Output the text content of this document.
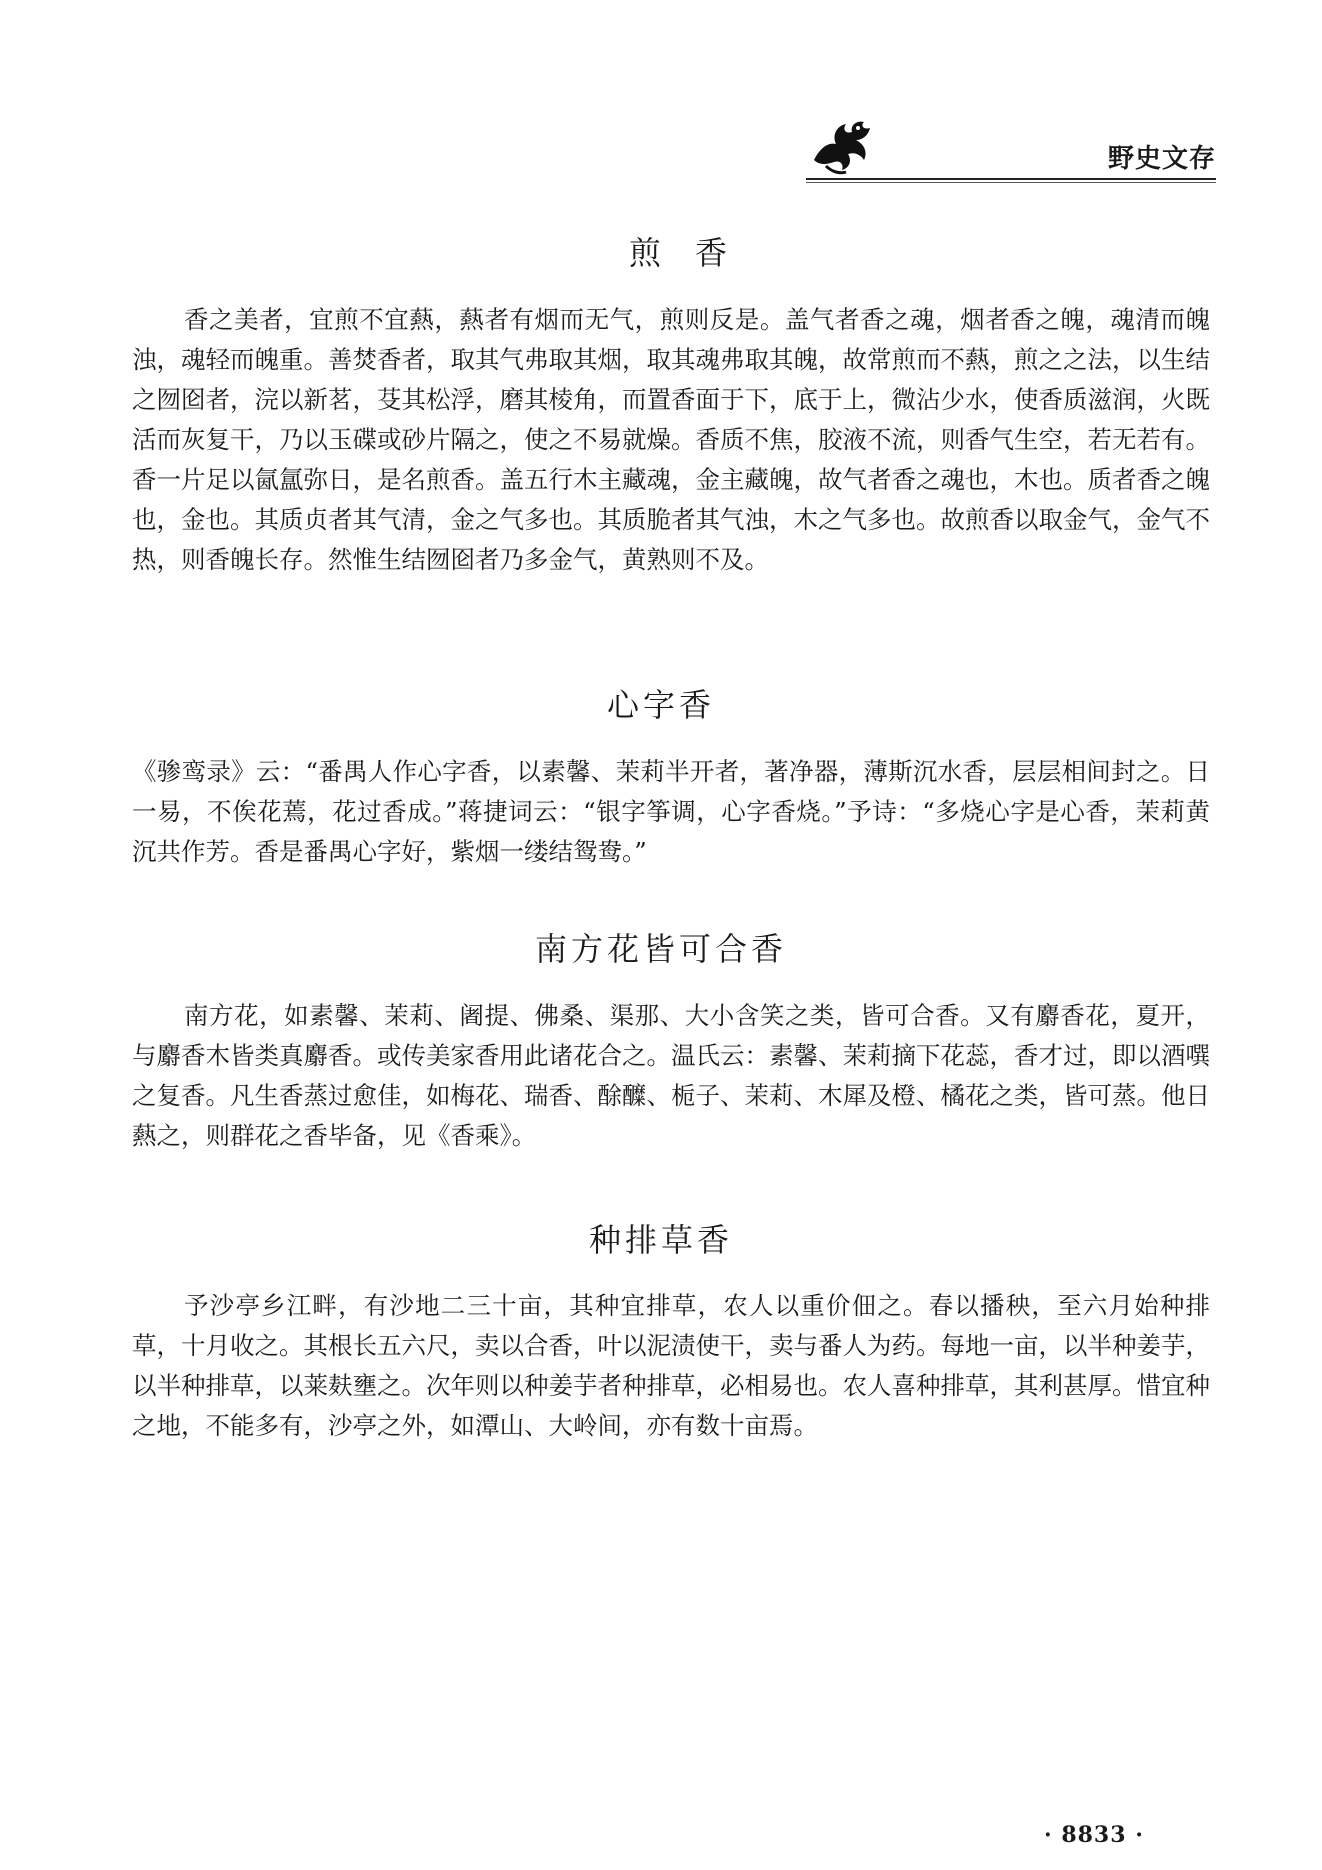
野史文存
煎香

香之美者，宜煎不宜爇，爇者有烟而无气，煎则反是。盖气者香之魂，烟者香之魄，魂清而魄浊，魂轻而魄重。善焚香者，取其气弗取其烟，取其魂弗取其魄，故常煎而不爇，煎之之法，以生结之囫囵者，浣以新茗，芟其松浮，磨其棱角，而置香面于下，底于上，微沾少水，使香质滋润，火既活而灰复干，乃以玉碟或砂片隔之，使之不易就燥。香质不焦，胶液不流，则香气生空，若无若有。香一片足以氤氲弥日，是名煎香。盖五行木主藏魂，金主藏魄，故气者香之魂也，木也。质者香之魄也，金也。其质贞者其气清，金之气多也。其质脆者其气浊，木之气多也。故煎香以取金气，金气不热，则香魄长存。然惟生结囫囵者乃多金气，黄熟则不及。

心字香

《骖鸾录》云：“番禺人作心字香，以素馨、茉莉半开者，著净器，薄斯沉水香，层层相间封之。日一易，不俟花蔫，花过香成。”蒋捷词云：“银字筝调，心字香烧。”予诗：“多烧心字是心香，茉莉黄沉共作芳。香是番禺心字好，紫烟一缕结鸳鸯。”

南方花皆可合香

南方花，如素馨、茉莉、阇提、佛桑、渠那、大小含笑之类，皆可合香。又有麝香花，夏开，与麝香木皆类真麝香。或传美家香用此诸花合之。温氏云：素馨、茉莉摘下花蕊，香才过，即以酒噀之复香。凡生香蒸过愈佳，如梅花、瑞香、酴醾、栀子、茉莉、木犀及橙、橘花之类，皆可蒸。他日爇之，则群花之香毕备，见《香乘》。

种排草香

予沙亭乡江畔，有沙地二三十亩，其种宜排草，农人以重价佃之。春以播秧，至六月始种排草，十月收之。其根长五六尺，卖以合香，叶以泥渍使干，卖与番人为药。每地一亩，以半种姜芋，以半种排草，以莱麸壅之。次年则以种姜芋者种排草，必相易也。农人喜种排草，其利甚厚。惜宜种之地，不能多有，沙亭之外，如潭山、大岭间，亦有数十亩焉。

· 8833 ·
